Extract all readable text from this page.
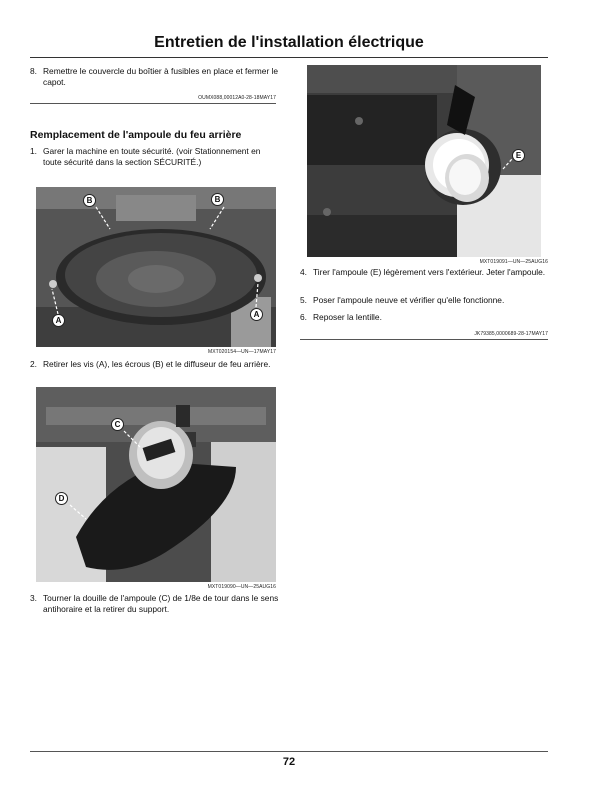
Entretien de l'installation électrique
8. Remettre le couvercle du boîtier à fusibles en place et fermer le capot.
OUMX088,00012A0-28-18MAY17
Remplacement de l'ampoule du feu arrière
1. Garer la machine en toute sécurité. (voir Stationnement en toute sécurité dans la section SÉCURITÉ.)
B	B
A
A
MXT020154—UN—17MAY17
2. Retirer les vis (A), les écrous (B) et le diffuseur de feu arrière.
C
D
MXT019090—UN—25AUG16
3. Tourner la douille de l'ampoule (C) de 1/8e de tour dans le sens antihoraire et la retirer du support.
E
MXT019091—UN—25AUG16
4. Tirer l'ampoule (E) légèrement vers l'extérieur. Jeter l'ampoule.
5. Poser l'ampoule neuve et vérifier qu'elle fonctionne.
6. Reposer la lentille.
JK79385,0000689-28-17MAY17
72
